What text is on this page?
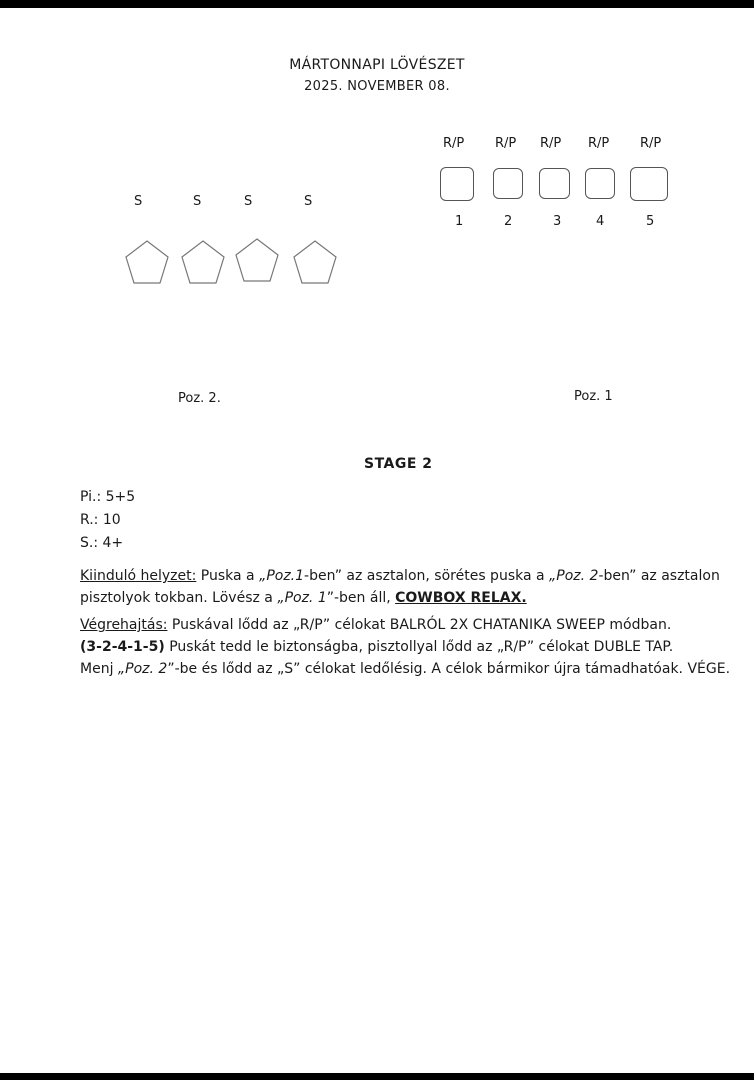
MÁRTONNAPI LÖVÉSZET
2025. NOVEMBER 08.
R/P R/P R/P R/P R/P
1	2	3	4	5
S	S	S	S
Poz. 2.	Poz. 1
STAGE 2
Pi.: 5+5
R.: 10
S.: 4+
Kiinduló helyzet: Puska a „Poz.1-ben” az asztalon, sörétes puska a „Poz. 2-ben” az asztalon
pisztolyok tokban. Lövész a „Poz. 1”-ben áll, COWBOX RELAX.
Végrehajtás: Puskával lődd az „R/P” célokat BALRÓL 2X CHATANIKA SWEEP módban.
(3-2-4-1-5) Puskát tedd le biztonságba, pisztollyal lődd az „R/P” célokat DUBLE TAP.
Menj „Poz. 2”-be és lődd az „S” célokat ledőlésig. A célok bármikor újra támadhatóak. VÉGE.
